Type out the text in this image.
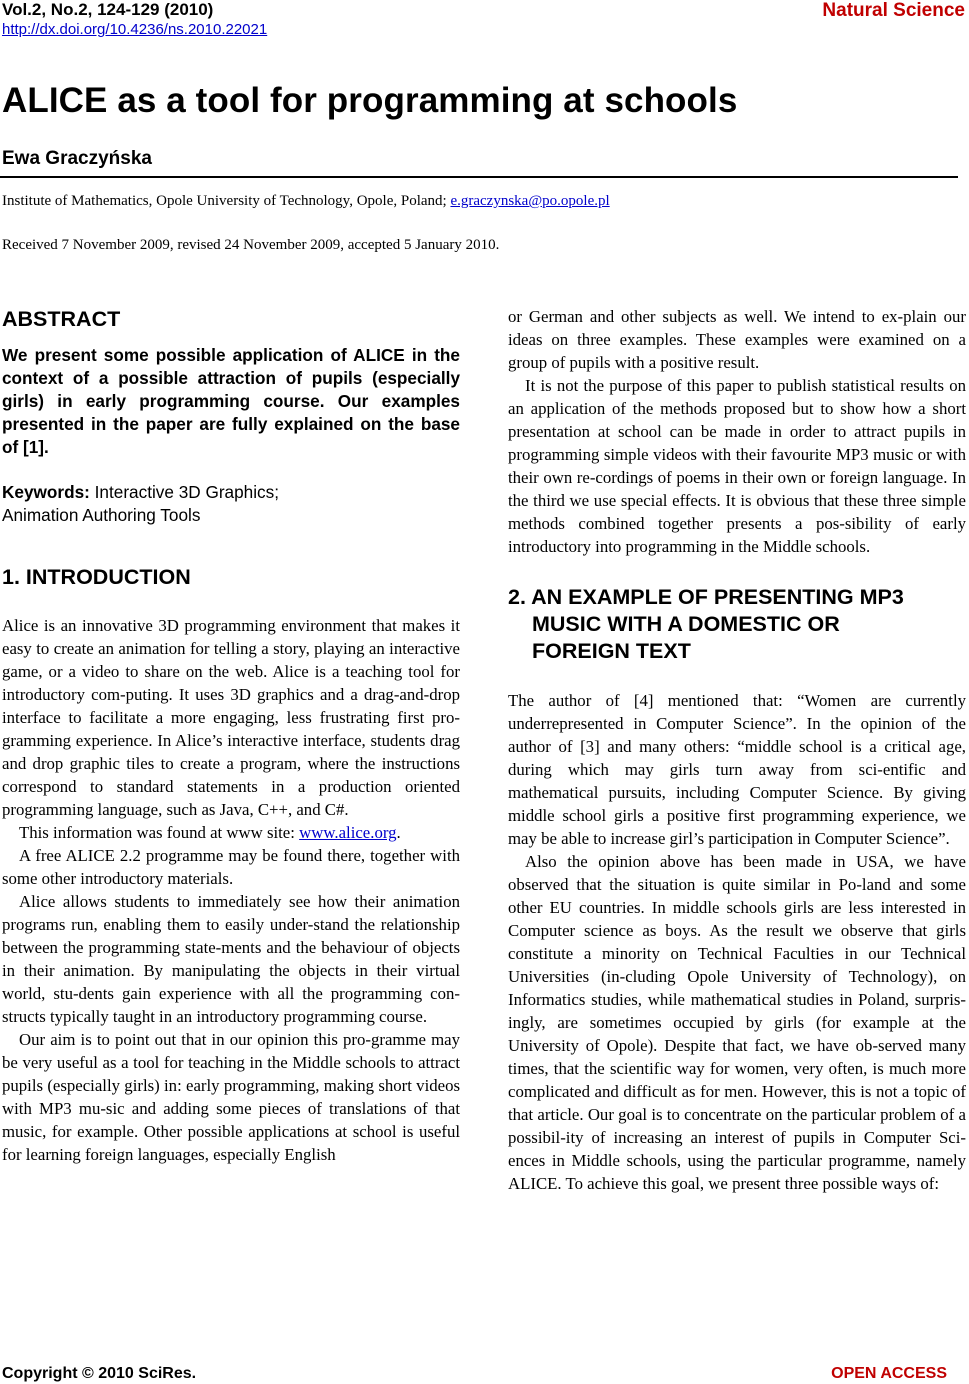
Vol.2, No.2, 124-129 (2010)
http://dx.doi.org/10.4236/ns.2010.22021
Natural Science
ALICE as a tool for programming at schools
Ewa Graczyńska
Institute of Mathematics, Opole University of Technology, Opole, Poland; e.graczynska@po.opole.pl
Received 7 November 2009, revised 24 November 2009, accepted 5 January 2010.
ABSTRACT

We present some possible application of ALICE in the context of a possible attraction of pupils (especially girls) in early programming course. Our examples presented in the paper are fully explained on the base of [1].

Keywords: Interactive 3D Graphics;
Animation Authoring Tools

1. INTRODUCTION

Alice is an innovative 3D programming environment that makes it easy to create an animation for telling a story, playing an interactive game, or a video to share on the web. Alice is a teaching tool for introductory com-puting. It uses 3D graphics and a drag-and-drop interface to facilitate a more engaging, less frustrating first pro-gramming experience. In Alice’s interactive interface, students drag and drop graphic tiles to create a program, where the instructions correspond to standard statements in a production oriented programming language, such as Java, C++, and C#.

This information was found at www site: www.alice.org.

A free ALICE 2.2 programme may be found there, together with some other introductory materials.

Alice allows students to immediately see how their animation programs run, enabling them to easily under-stand the relationship between the programming state-ments and the behaviour of objects in their animation. By manipulating the objects in their virtual world, stu-dents gain experience with all the programming con-structs typically taught in an introductory programming course.

Our aim is to point out that in our opinion this pro-gramme may be very useful as a tool for teaching in the Middle schools to attract pupils (especially girls) in: early programming, making short videos with MP3 mu-sic and adding some pieces of translations of that music, for example. Other possible applications at school is useful for learning foreign languages, especially English

or German and other subjects as well. We intend to ex-plain our ideas on three examples. These examples were examined on a group of pupils with a positive result.

It is not the purpose of this paper to publish statistical results on an application of the methods proposed but to show how a short presentation at school can be made in order to attract pupils in programming simple videos with their favourite MP3 music or with their own re-cordings of poems in their own or foreign language. In the third we use special effects. It is obvious that these three simple methods combined together presents a pos-sibility of early introductory into programming in the Middle schools.

2. AN EXAMPLE OF PRESENTING MP3
MUSIC WITH A DOMESTIC OR
FOREIGN TEXT

The author of [4] mentioned that: “Women are currently underrepresented in Computer Science”. In the opinion of the author of [3] and many others: “middle school is a critical age, during which may girls turn away from sci-entific and mathematical pursuits, including Computer Science. By giving middle school girls a positive first programming experience, we may be able to increase girl’s participation in Computer Science”.

Also the opinion above has been made in USA, we have observed that the situation is quite similar in Po-land and some other EU countries. In middle schools girls are less interested in Computer science as boys. As the result we observe that girls constitute a minority on Technical Faculties in our Technical Universities (in-cluding Opole University of Technology), on Informatics studies, while mathematical studies in Poland, surpris-ingly, are sometimes occupied by girls (for example at the University of Opole). Despite that fact, we have ob-served many times, that the scientific way for women, very often, is much more complicated and difficult as for men. However, this is not a topic of that article. Our goal is to concentrate on the particular problem of a possibil-ity of increasing an interest of pupils in Computer Sci-ences in Middle schools, using the particular programme, namely ALICE. To achieve this goal, we present three possible ways of:

Copyright © 2010 SciRes.	OPEN ACCESS
